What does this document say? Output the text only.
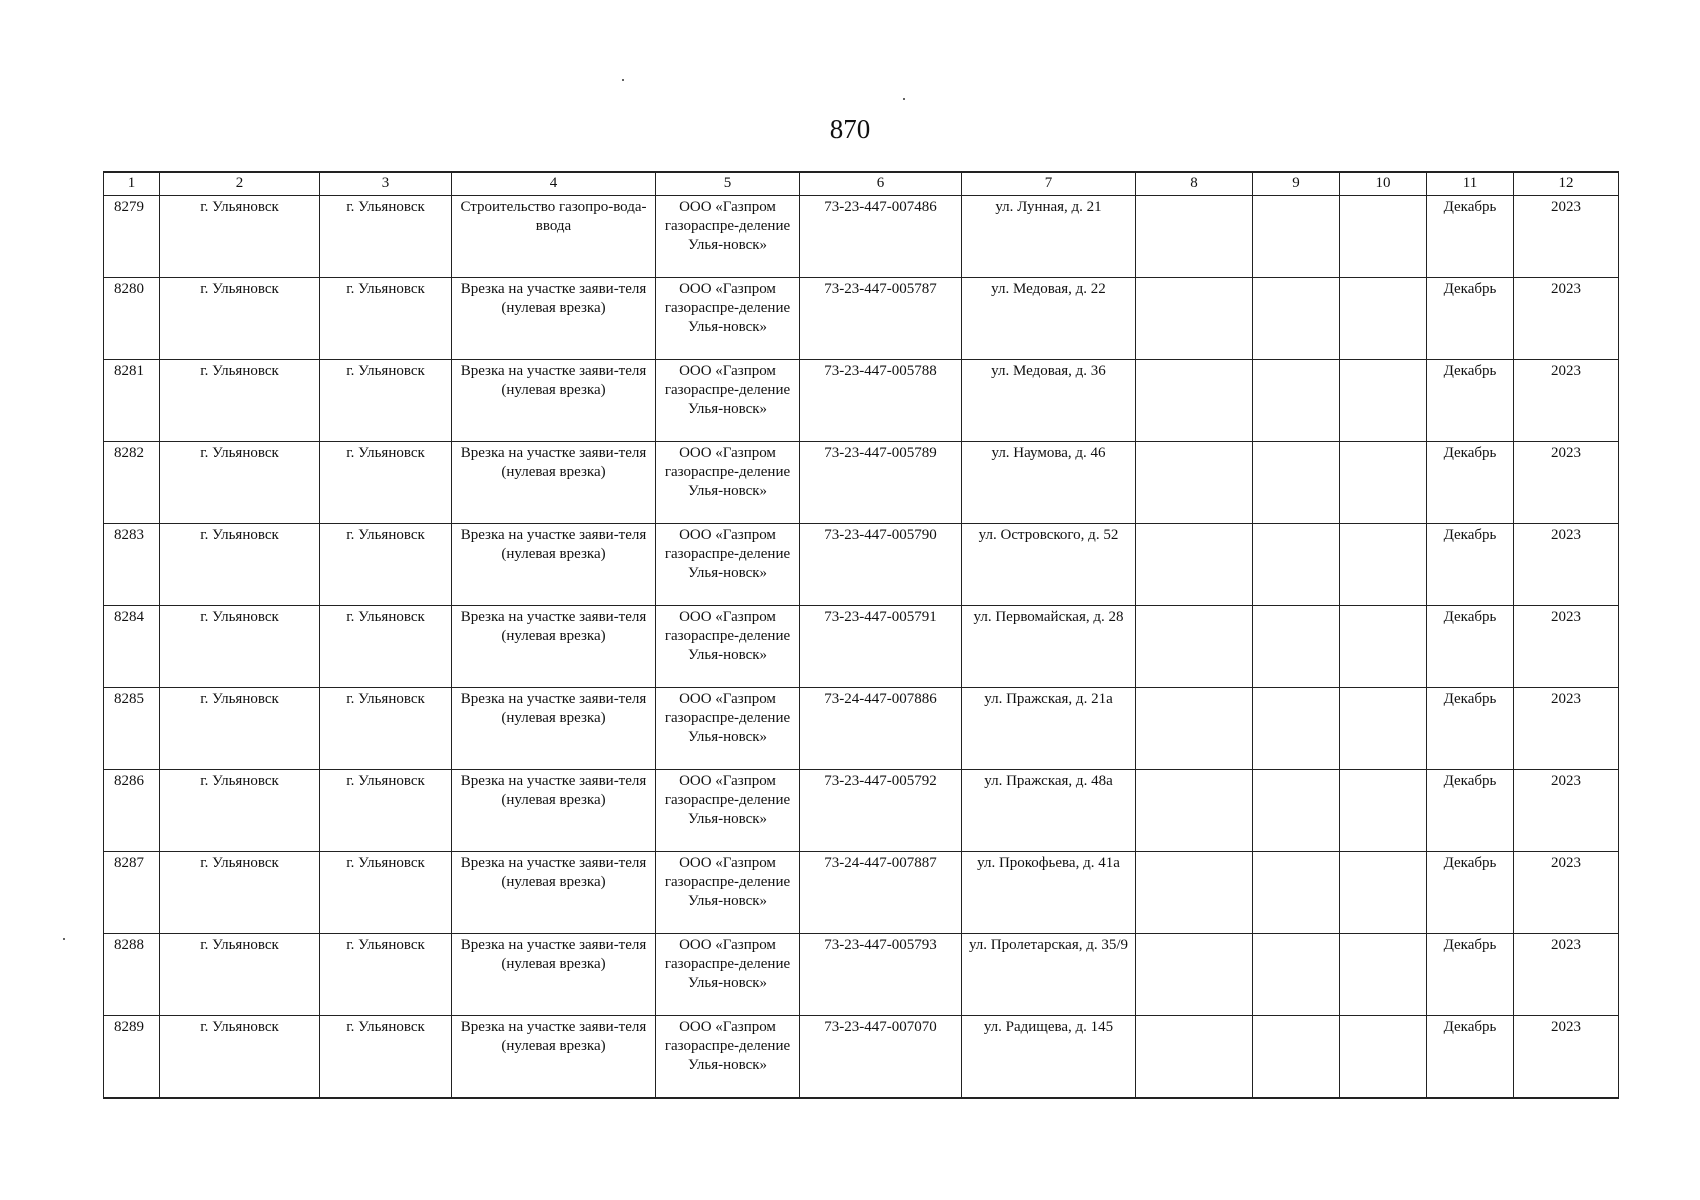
870
1	2	3	4	5	6	7	8	9	10	11	12
8279	г. Ульяновск	г. Ульяновск	Строительство газопро-вода-ввода	ООО «Газпром газораспре-деление Улья-новск»	73-23-447-007486	ул. Лунная, д. 21				Декабрь	2023
8280	г. Ульяновск	г. Ульяновск	Врезка на участке заяви-теля (нулевая врезка)	ООО «Газпром газораспре-деление Улья-новск»	73-23-447-005787	ул. Медовая, д. 22				Декабрь	2023
8281	г. Ульяновск	г. Ульяновск	Врезка на участке заяви-теля (нулевая врезка)	ООО «Газпром газораспре-деление Улья-новск»	73-23-447-005788	ул. Медовая, д. 36				Декабрь	2023
8282	г. Ульяновск	г. Ульяновск	Врезка на участке заяви-теля (нулевая врезка)	ООО «Газпром газораспре-деление Улья-новск»	73-23-447-005789	ул. Наумова, д. 46				Декабрь	2023
8283	г. Ульяновск	г. Ульяновск	Врезка на участке заяви-теля (нулевая врезка)	ООО «Газпром газораспре-деление Улья-новск»	73-23-447-005790	ул. Островского, д. 52				Декабрь	2023
8284	г. Ульяновск	г. Ульяновск	Врезка на участке заяви-теля (нулевая врезка)	ООО «Газпром газораспре-деление Улья-новск»	73-23-447-005791	ул. Первомайская, д. 28				Декабрь	2023
8285	г. Ульяновск	г. Ульяновск	Врезка на участке заяви-теля (нулевая врезка)	ООО «Газпром газораспре-деление Улья-новск»	73-24-447-007886	ул. Пражская, д. 21а				Декабрь	2023
8286	г. Ульяновск	г. Ульяновск	Врезка на участке заяви-теля (нулевая врезка)	ООО «Газпром газораспре-деление Улья-новск»	73-23-447-005792	ул. Пражская, д. 48а				Декабрь	2023
8287	г. Ульяновск	г. Ульяновск	Врезка на участке заяви-теля (нулевая врезка)	ООО «Газпром газораспре-деление Улья-новск»	73-24-447-007887	ул. Прокофьева, д. 41а				Декабрь	2023
8288	г. Ульяновск	г. Ульяновск	Врезка на участке заяви-теля (нулевая врезка)	ООО «Газпром газораспре-деление Улья-новск»	73-23-447-005793	ул. Пролетарская, д. 35/9				Декабрь	2023
8289	г. Ульяновск	г. Ульяновск	Врезка на участке заяви-теля (нулевая врезка)	ООО «Газпром газораспре-деление Улья-новск»	73-23-447-007070	ул. Радищева, д. 145				Декабрь	2023
